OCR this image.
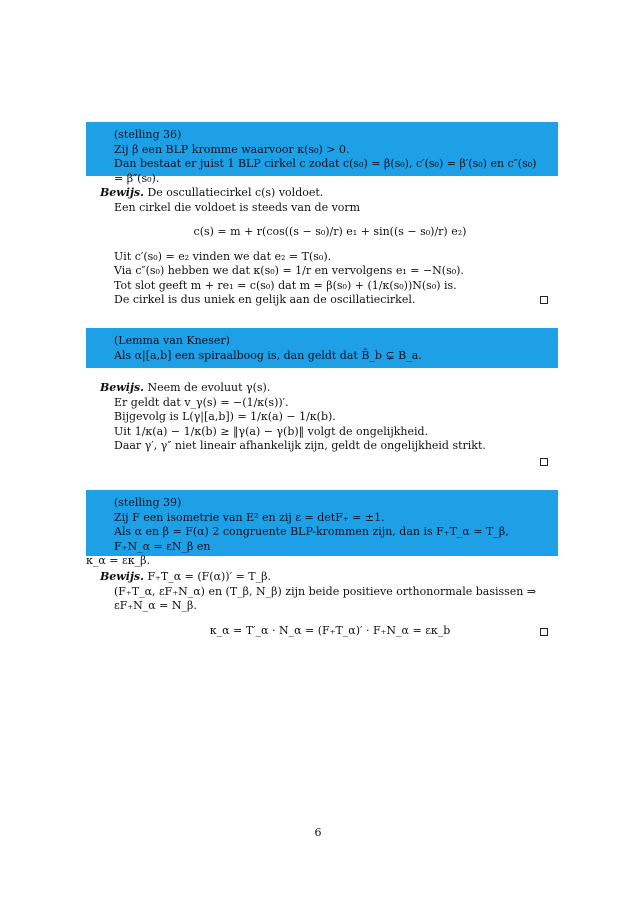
(stelling 36)

Zij β een BLP kromme waarvoor κ(s₀) > 0.

Dan bestaat er juist 1 BLP cirkel c zodat c(s₀) = β(s₀), c′(s₀) = β′(s₀) en c″(s₀) = β″(s₀).

Bewijs. De oscullatiecirkel c(s) voldoet.

Een cirkel die voldoet is steeds van de vorm

c(s) = m + r(cos((s − s₀)/r) e₁ + sin((s − s₀)/r) e₂)

Uit c′(s₀) = e₂ vinden we dat e₂ = T(s₀).

Via c″(s₀) hebben we dat κ(s₀) = 1/r en vervolgens e₁ = −N(s₀).

Tot slot geeft m + re₁ = c(s₀) dat m = β(s₀) + (1/κ(s₀))N(s₀) is.

De cirkel is dus uniek en gelijk aan de oscillatiecirkel.

(Lemma van Kneser)

Als α|[a,b] een spiraalboog is, dan geldt dat B̄_b ⊊ B_a.

Bewijs. Neem de evoluut γ(s).

Er geldt dat v_γ(s) = −(1/κ(s))′.

Bijgevolg is L(γ|[a,b]) = 1/κ(a) − 1/κ(b).

Uit 1/κ(a) − 1/κ(b) ≥ ‖γ(a) − γ(b)‖ volgt de ongelijkheid.

Daar γ′, γ″ niet lineair afhankelijk zijn, geldt de ongelijkheid strikt.

(stelling 39)

Zij F een isometrie van E² en zij ε = detF₊ = ±1.

Als α en β = F(α) 2 congruente BLP-krommen zijn, dan is F₊T_α = T_β, F₊N_α = εN_β en

κ_α = εκ_β.

Bewijs. F₊T_α = (F(α))′ = T_β.

(F₊T_α, εF₊N_α) en (T_β, N_β) zijn beide positieve orthonormale basissen ⇒ εF₊N_α = N_β.

κ_α = T′_α · N_α = (F₊T_α)′ · F₊N_α = εκ_b

6
